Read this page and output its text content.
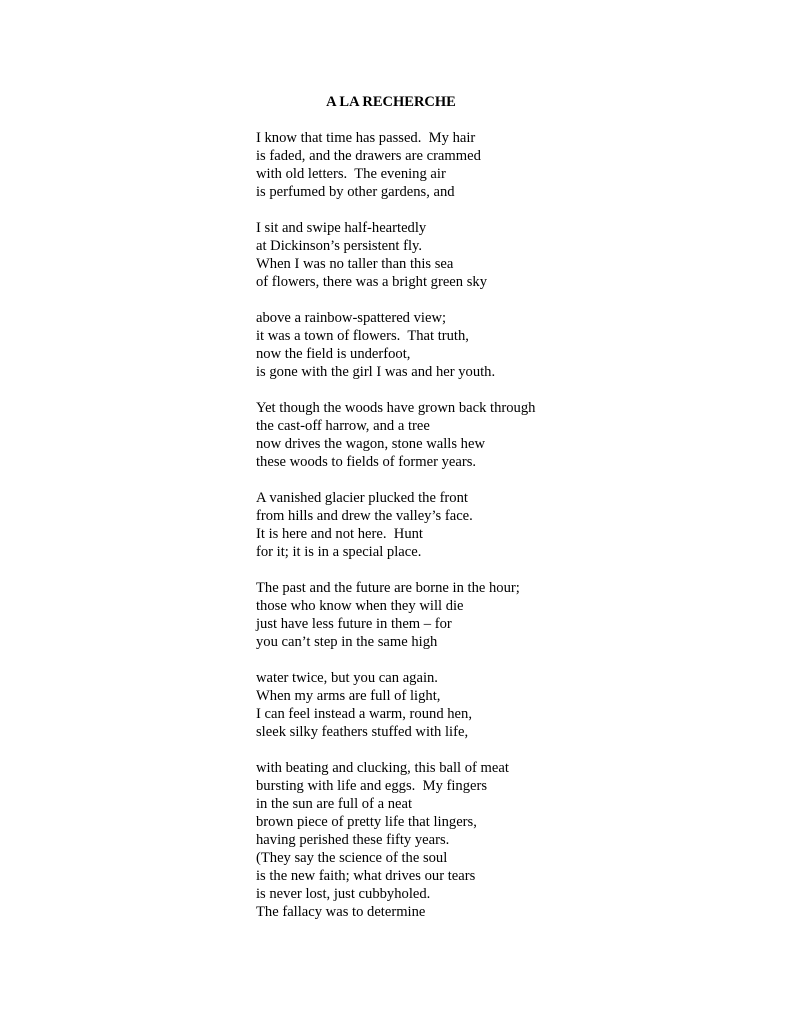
A LA RECHERCHE
I know that time has passed.  My hair
is faded, and the drawers are crammed
with old letters.  The evening air
is perfumed by other gardens, and
I sit and swipe half-heartedly
at Dickinson’s persistent fly.
When I was no taller than this sea
of flowers, there was a bright green sky
above a rainbow-spattered view;
it was a town of flowers.  That truth,
now the field is underfoot,
is gone with the girl I was and her youth.
Yet though the woods have grown back through
the cast-off harrow, and a tree
now drives the wagon, stone walls hew
these woods to fields of former years.
A vanished glacier plucked the front
from hills and drew the valley’s face.
It is here and not here.  Hunt
for it; it is in a special place.
The past and the future are borne in the hour;
those who know when they will die
just have less future in them – for
you can’t step in the same high
water twice, but you can again.
When my arms are full of light,
I can feel instead a warm, round hen,
sleek silky feathers stuffed with life,
with beating and clucking, this ball of meat
bursting with life and eggs.  My fingers
in the sun are full of a neat
brown piece of pretty life that lingers,
having perished these fifty years.
(They say the science of the soul
is the new faith; what drives our tears
is never lost, just cubbyholed.
The fallacy was to determine
